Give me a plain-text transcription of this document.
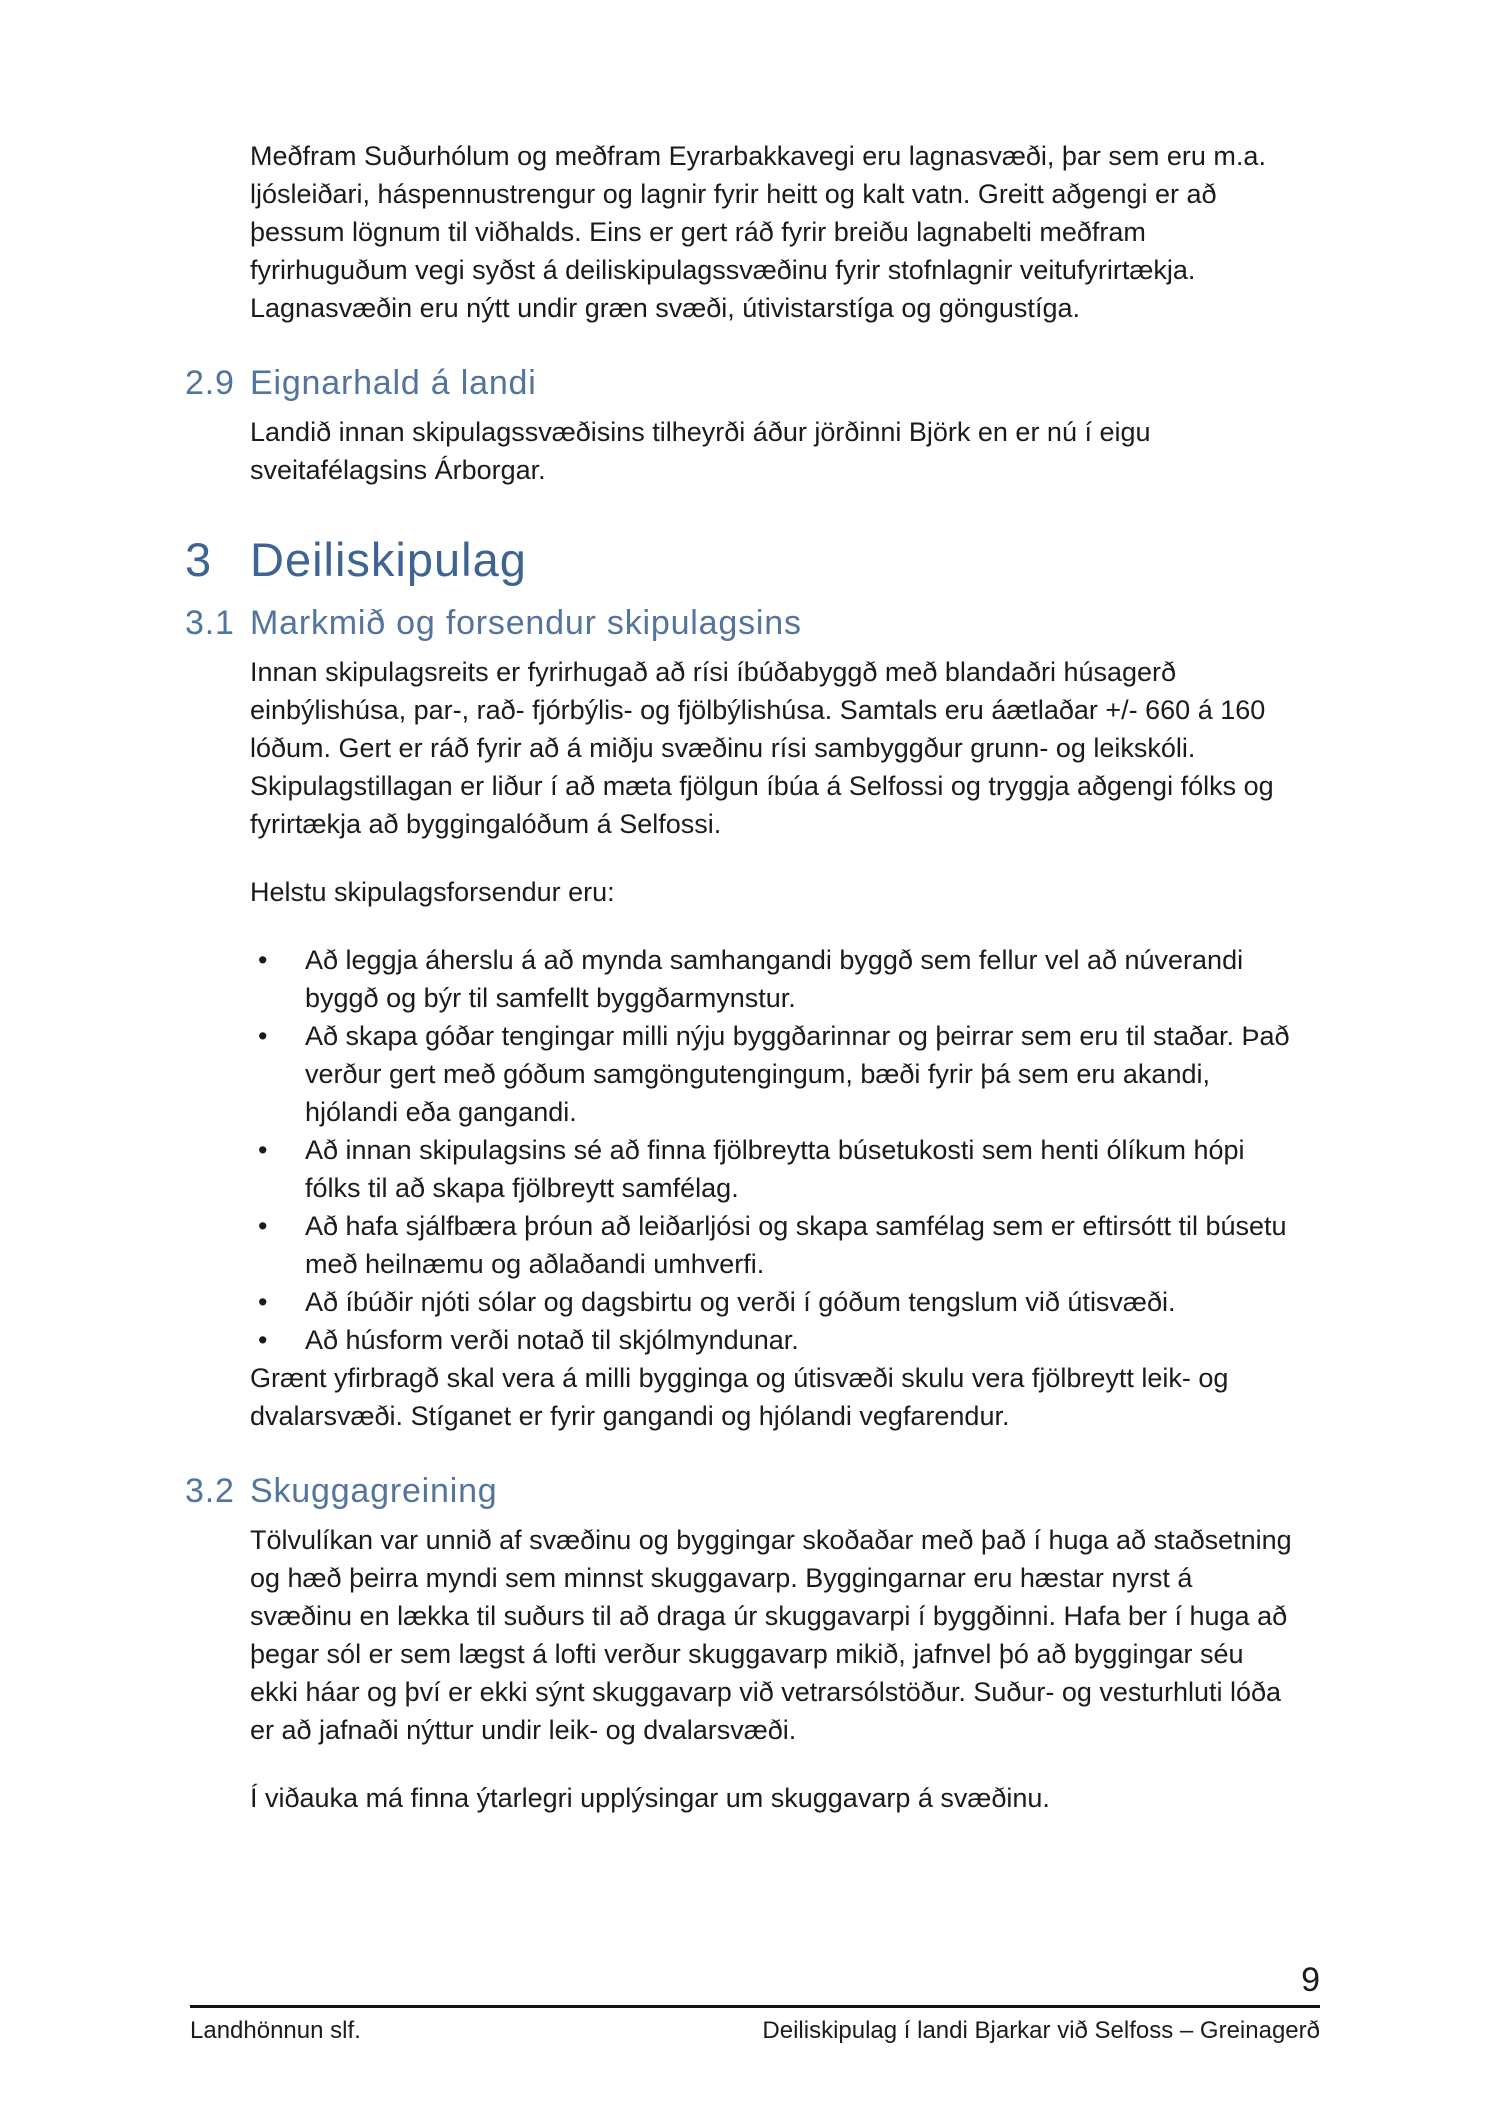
Meðfram Suðurhólum og meðfram Eyrarbakkavegi eru lagnasvæði, þar sem eru m.a. ljósleiðari, háspennustrengur og lagnir fyrir heitt og kalt vatn. Greitt aðgengi er að þessum lögnum til viðhalds. Eins er gert ráð fyrir breiðu lagnabelti meðfram fyrirhuguðum vegi syðst á deiliskipulagssvæðinu fyrir stofnlagnir veitufyrirtækja. Lagnasvæðin eru nýtt undir græn svæði, útivistarstíga og göngustíga.

2.9 Eignarhald á landi

Landið innan skipulagssvæðisins tilheyrði áður jörðinni Björk en er nú í eigu sveitafélagsins Árborgar.

3 Deiliskipulag
3.1 Markmið og forsendur skipulagsins

Innan skipulagsreits er fyrirhugað að rísi íbúðabyggð með blandaðri húsagerð einbýlishúsa, par-, rað- fjórbýlis- og fjölbýlishúsa. Samtals eru áætlaðar +/- 660 á 160 lóðum. Gert er ráð fyrir að á miðju svæðinu rísi sambyggður grunn- og leikskóli. Skipulagstillagan er liður í að mæta fjölgun íbúa á Selfossi og tryggja aðgengi fólks og fyrirtækja að byggingalóðum á Selfossi.

Helstu skipulagsforsendur eru:

• Að leggja áherslu á að mynda samhangandi byggð sem fellur vel að núverandi byggð og býr til samfellt byggðarmynstur.
• Að skapa góðar tengingar milli nýju byggðarinnar og þeirrar sem eru til staðar. Það verður gert með góðum samgöngutengingum, bæði fyrir þá sem eru akandi, hjólandi eða gangandi.
• Að innan skipulagsins sé að finna fjölbreytta búsetukosti sem henti ólíkum hópi fólks til að skapa fjölbreytt samfélag.
• Að hafa sjálfbæra þróun að leiðarljósi og skapa samfélag sem er eftirsótt til búsetu með heilnæmu og aðlaðandi umhverfi.
• Að íbúðir njóti sólar og dagsbirtu og verði í góðum tengslum við útisvæði.
• Að húsform verði notað til skjólmyndunar.

Grænt yfirbragð skal vera á milli bygginga og útisvæði skulu vera fjölbreytt leik- og dvalarsvæði. Stíganet er fyrir gangandi og hjólandi vegfarendur.

3.2 Skuggagreining

Tölvulíkan var unnið af svæðinu og byggingar skoðaðar með það í huga að staðsetning og hæð þeirra myndi sem minnst skuggavarp. Byggingarnar eru hæstar nyrst á svæðinu en lækka til suðurs til að draga úr skuggavarpi í byggðinni. Hafa ber í huga að þegar sól er sem lægst á lofti verður skuggavarp mikið, jafnvel þó að byggingar séu ekki háar og því er ekki sýnt skuggavarp við vetrarsólstöður. Suður- og vesturhluti lóða er að jafnaði nýttur undir leik- og dvalarsvæði.

Í viðauka má finna ýtarlegri upplýsingar um skuggavarp á svæðinu.

9
Landhönnun slf.	Deiliskipulag í landi Bjarkar við Selfoss – Greinagerð
